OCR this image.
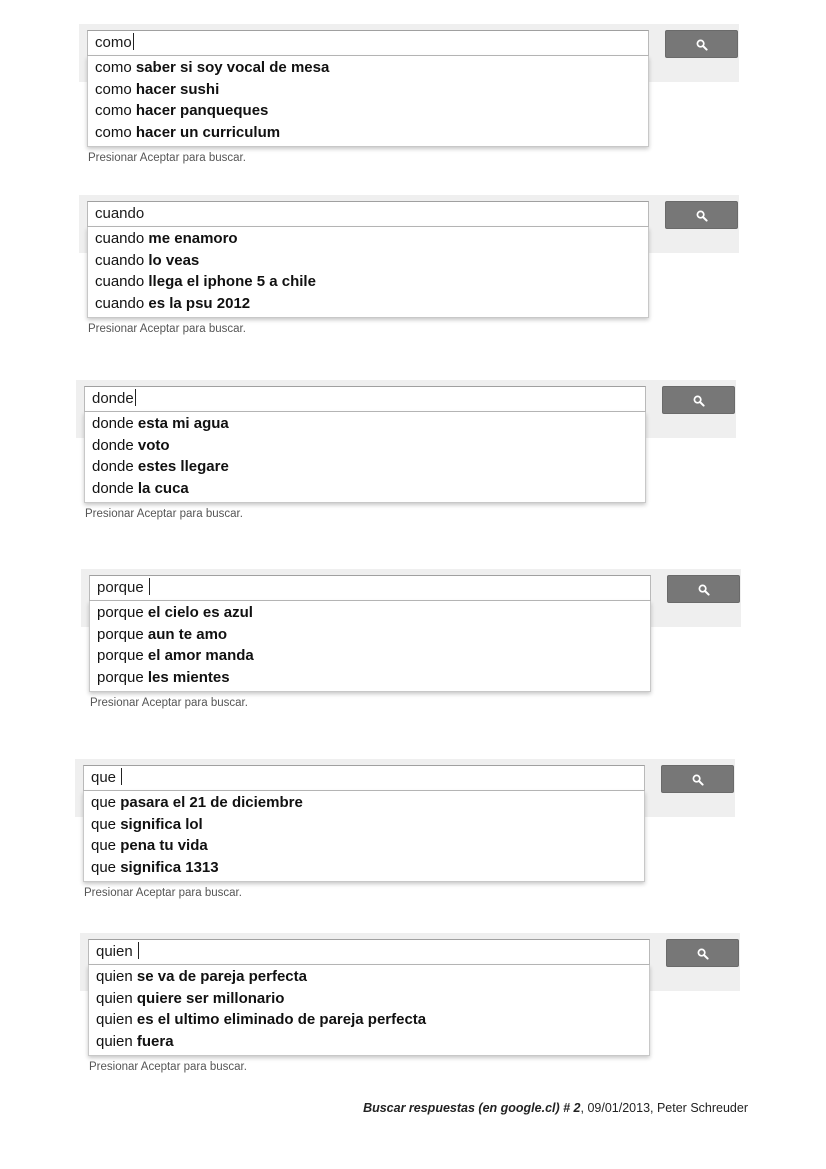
como
como saber si soy vocal de mesa
como hacer sushi
como hacer panqueques
como hacer un curriculum
Presionar Aceptar para buscar.
cuando
cuando me enamoro
cuando lo veas
cuando llega el iphone 5 a chile
cuando es la psu 2012
Presionar Aceptar para buscar.
donde
donde esta mi agua
donde voto
donde estes llegare
donde la cuca
Presionar Aceptar para buscar.
porque
porque el cielo es azul
porque aun te amo
porque el amor manda
porque les mientes
Presionar Aceptar para buscar.
que
que pasara el 21 de diciembre
que significa lol
que pena tu vida
que significa 1313
Presionar Aceptar para buscar.
quien
quien se va de pareja perfecta
quien quiere ser millonario
quien es el ultimo eliminado de pareja perfecta
quien fuera
Presionar Aceptar para buscar.
Buscar respuestas (en google.cl) # 2, 09/01/2013, Peter Schreuder
